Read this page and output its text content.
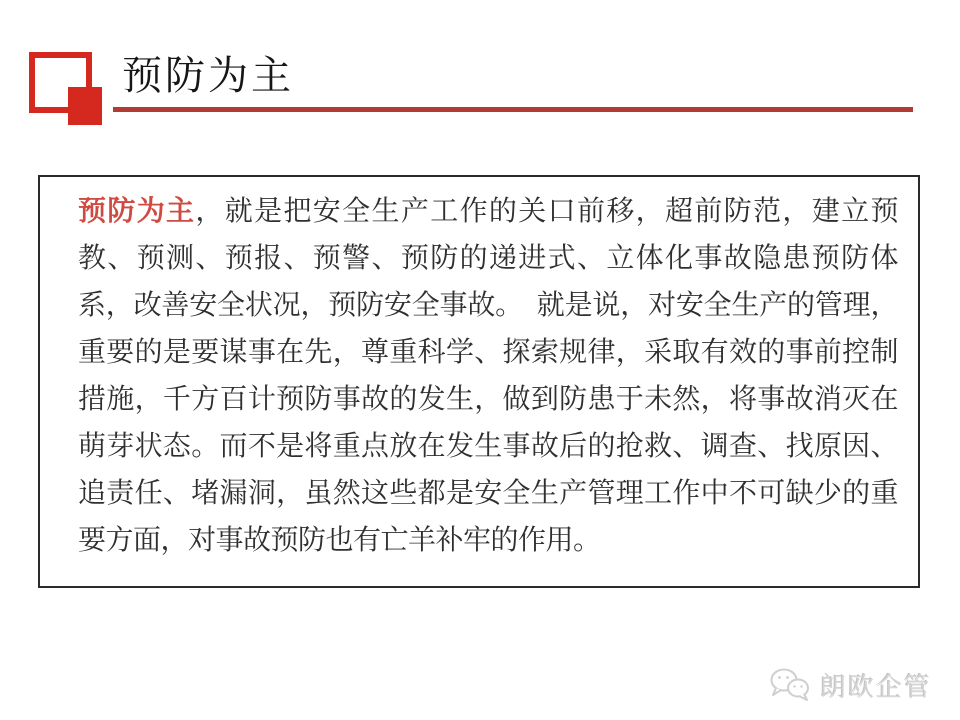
预防为主

预防为主，就是把安全生产工作的关口前移，超前防范，建立预教、预测、预报、预警、预防的递进式、立体化事故隐患预防体系，改善安全状况，预防安全事故。　就是说，对安全生产的管理，重要的是要谋事在先，尊重科学、探索规律，采取有效的事前控制措施，千方百计预防事故的发生，做到防患于未然，将事故消灭在萌芽状态。而不是将重点放在发生事故后的抢救、调查、找原因、追责任、堵漏洞，虽然这些都是安全生产管理工作中不可缺少的重要方面，对事故预防也有亡羊补牢的作用。

朗欧企管
